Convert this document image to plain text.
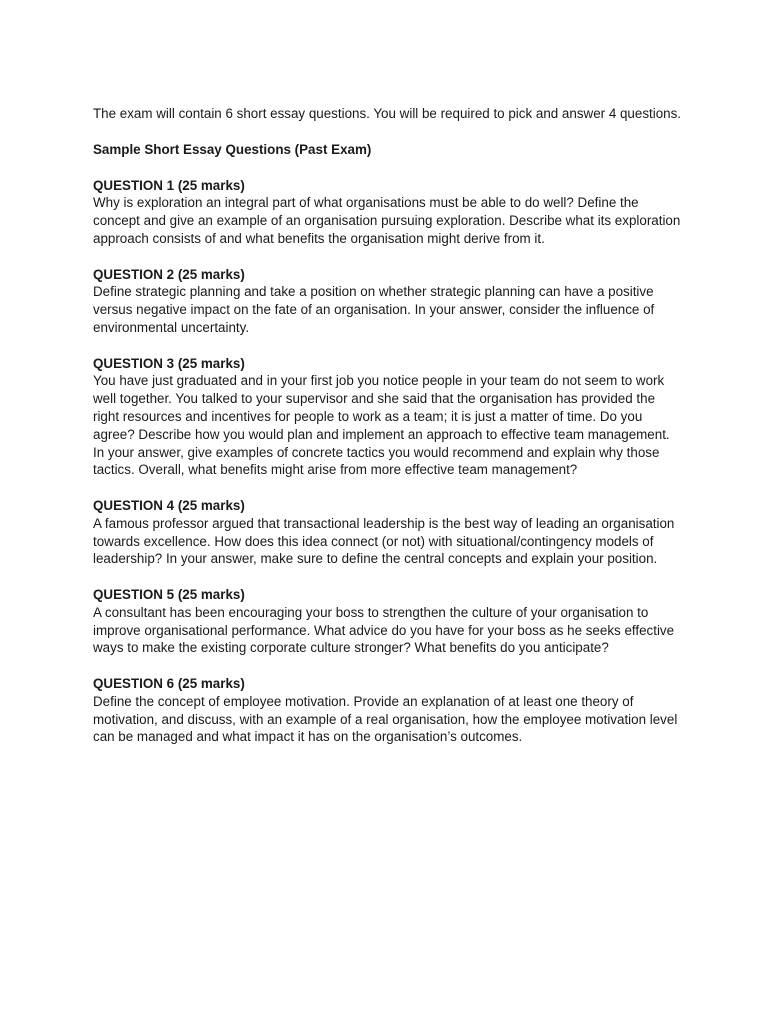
The exam will contain 6 short essay questions. You will be required to pick and answer 4 questions.

Sample Short Essay Questions (Past Exam)

QUESTION 1 (25 marks)

Why is exploration an integral part of what organisations must be able to do well? Define the concept and give an example of an organisation pursuing exploration. Describe what its exploration approach consists of and what benefits the organisation might derive from it.

QUESTION 2 (25 marks)

Define strategic planning and take a position on whether strategic planning can have a positive versus negative impact on the fate of an organisation. In your answer, consider the influence of environmental uncertainty.

QUESTION 3 (25 marks)

You have just graduated and in your first job you notice people in your team do not seem to work well together. You talked to your supervisor and she said that the organisation has provided the right resources and incentives for people to work as a team; it is just a matter of time. Do you agree? Describe how you would plan and implement an approach to effective team management. In your answer, give examples of concrete tactics you would recommend and explain why those tactics. Overall, what benefits might arise from more effective team management?

QUESTION 4 (25 marks)

A famous professor argued that transactional leadership is the best way of leading an organisation towards excellence. How does this idea connect (or not) with situational/contingency models of leadership? In your answer, make sure to define the central concepts and explain your position.

QUESTION 5 (25 marks)

A consultant has been encouraging your boss to strengthen the culture of your organisation to improve organisational performance. What advice do you have for your boss as he seeks effective ways to make the existing corporate culture stronger? What benefits do you anticipate?

QUESTION 6 (25 marks)

Define the concept of employee motivation. Provide an explanation of at least one theory of motivation, and discuss, with an example of a real organisation, how the employee motivation level can be managed and what impact it has on the organisation’s outcomes.
